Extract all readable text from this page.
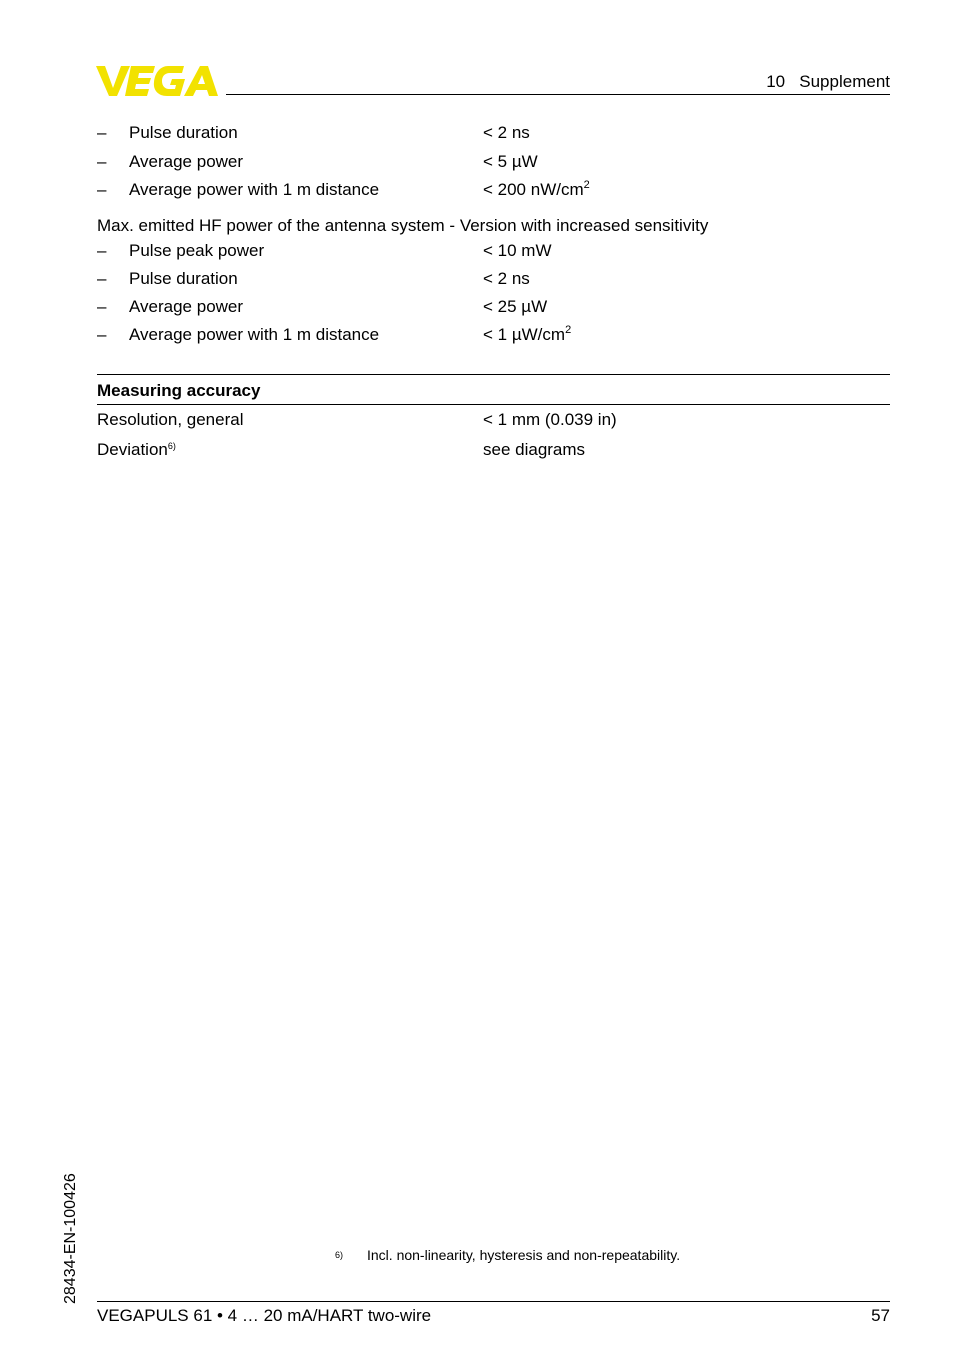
10   Supplement
– Pulse duration	< 2 ns
– Average power	< 5 µW
– Average power with 1 m distance	< 200 $nW/cm^2$
Max. emitted HF power of the antenna system - Version with increased sensitivity
– Pulse peak power	< 10 mW
– Pulse duration	< 2 ns
– Average power	< 25 µW
– Average power with 1 m distance	< 1 $\mu W/cm^2$
Measuring accuracy
Resolution, general	< 1 mm (0.039 in)
Deviation$^{6)}$	see diagrams
6) Incl. non-linearity, hysteresis and non-repeatability.
28434-EN-100426
VEGAPULS 61 • 4 … 20 mA/HART two-wire	57
